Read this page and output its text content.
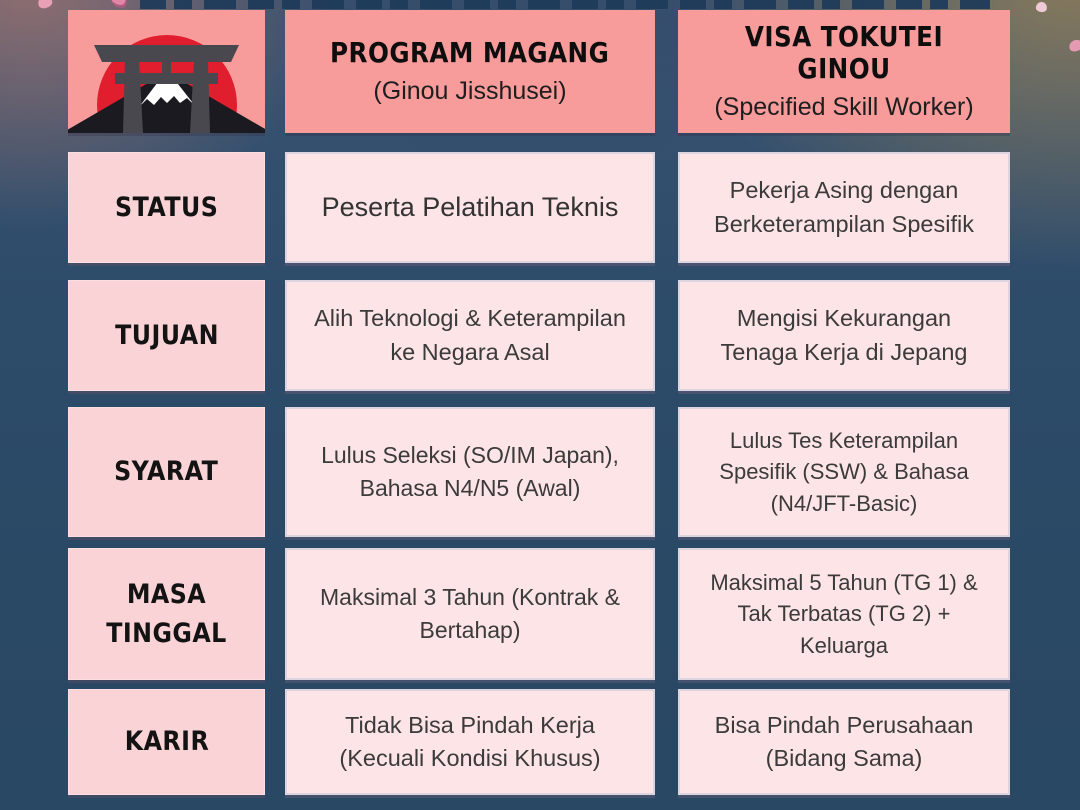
PROGRAM MAGANG
(Ginou Jisshusei)
VISA TOKUTEI GINOU
(Specified Skill Worker)
STATUS	Peserta Pelatihan Teknis
Pekerja Asing dengan Berketerampilan Spesifik
TUJUAN
Alih Teknologi & Keterampilan ke Negara Asal
Mengisi Kekurangan Tenaga Kerja di Jepang
SYARAT
Lulus Seleksi (SO/IM Japan), Bahasa N4/N5 (Awal)
Lulus Tes Keterampilan Spesifik (SSW) & Bahasa (N4/JFT-Basic)
MASA TINGGAL
Maksimal 3 Tahun (Kontrak & Bertahap)
Maksimal 5 Tahun (TG 1) & Tak Terbatas (TG 2) + Keluarga
KARIR
Tidak Bisa Pindah Kerja (Kecuali Kondisi Khusus)
Bisa Pindah Perusahaan (Bidang Sama)
